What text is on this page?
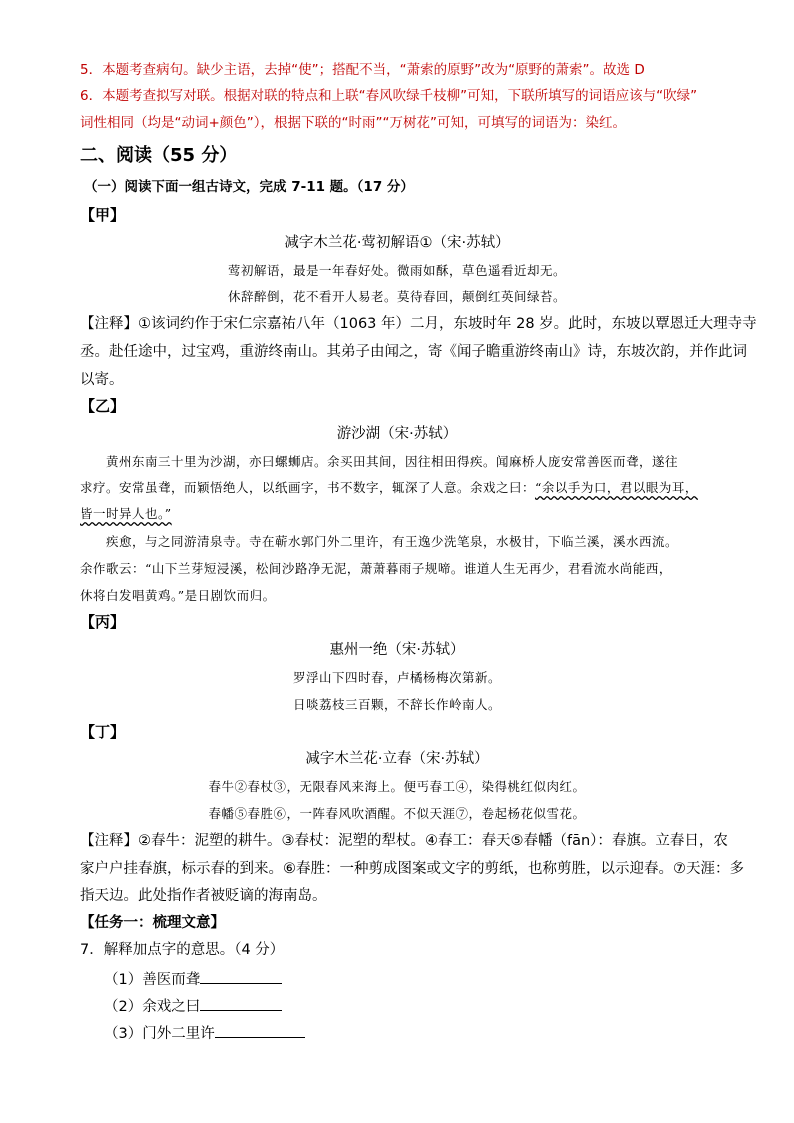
5．本题考查病句。缺少主语，去掉“使”；搭配不当，“萧索的原野”改为“原野的萧索”。故选 D
6．本题考查拟写对联。根据对联的特点和上联“春风吹绿千枝柳”可知，下联所填写的词语应该与“吹绿”
词性相同（均是“动词+颜色”），根据下联的“时雨”“万树花”可知，可填写的词语为：染红。
二、阅读（55 分）
（一）阅读下面一组古诗文，完成 7-11 题。（17 分）
【甲】
减字木兰花·莺初解语①（宋·苏轼）
莺初解语，最是一年春好处。微雨如酥，草色遥看近却无。
休辞醉倒，花不看开人易老。莫待春回，颠倒红英间绿苔。
【注释】①该词约作于宋仁宗嘉祐八年（1063 年）二月，东坡时年 28 岁。此时，东坡以覃恩迁大理寺寺
丞。赴任途中，过宝鸡，重游终南山。其弟子由闻之，寄《闻子瞻重游终南山》诗，东坡次韵，并作此词
以寄。
【乙】
游沙湖（宋·苏轼）
黄州东南三十里为沙湖，亦曰螺蛳店。余买田其间，因往相田得疾。闻麻桥人庞安常善医而聋，遂往
求疗。安常虽聋，而颖悟绝人，以纸画字，书不数字，辄深了人意。余戏之曰：“余以手为口，君以眼为耳，
皆一时异人也。”
疾愈，与之同游清泉寺。寺在蕲水郭门外二里许，有王逸少洗笔泉，水极甘，下临兰溪，溪水西流。
余作歌云：“山下兰芽短浸溪，松间沙路净无泥，萧萧暮雨子规啼。谁道人生无再少，君看流水尚能西，
休将白发唱黄鸡。”是日剧饮而归。
【丙】
惠州一绝（宋·苏轼）
罗浮山下四时春，卢橘杨梅次第新。
日啖荔枝三百颗，不辞长作岭南人。
【丁】
减字木兰花·立春（宋·苏轼）
春牛②春杖③，无限春风来海上。便丐春工④，染得桃红似肉红。
春幡⑤春胜⑥，一阵春风吹酒醒。不似天涯⑦，卷起杨花似雪花。
【注释】②春牛：泥塑的耕牛。③春杖：泥塑的犁杖。④春工：春天⑤春幡（fān）：春旗。立春日，农
家户户挂春旗，标示春的到来。⑥春胜：一种剪成图案或文字的剪纸，也称剪胜，以示迎春。⑦天涯：多
指天边。此处指作者被贬谪的海南岛。
【任务一：梳理文意】
7．解释加点字的意思。（4 分）
（1）善医而聋
（2）余戏之曰
（3）门外二里许
